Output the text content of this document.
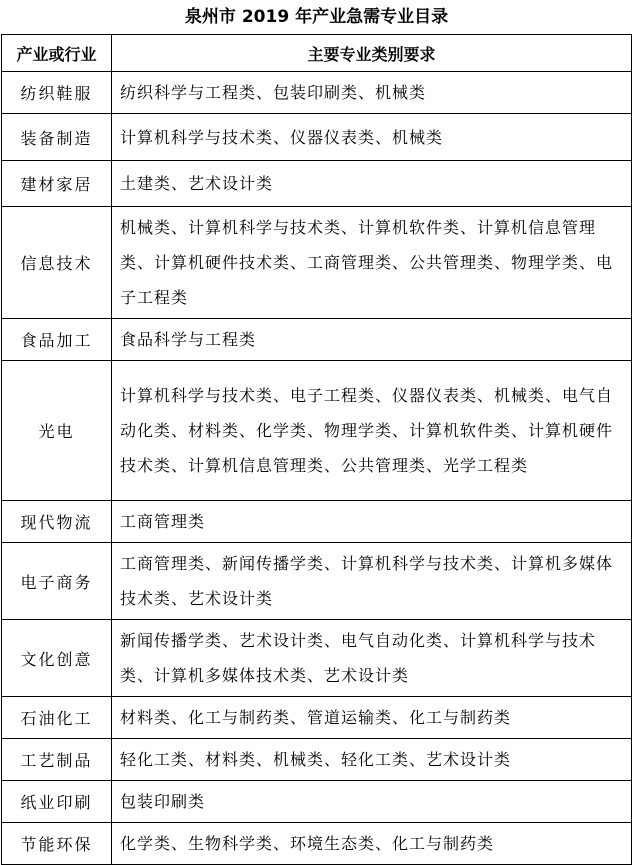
泉州市 2019 年产业急需专业目录
产业或行业	主要专业类别要求
纺织鞋服	纺织科学与工程类、包装印刷类、机械类
装备制造	计算机科学与技术类、仪器仪表类、机械类
建材家居	土建类、艺术设计类
信息技术	机械类、计算机科学与技术类、计算机软件类、计算机信息管理类、计算机硬件技术类、工商管理类、公共管理类、物理学类、电子工程类
食品加工	食品科学与工程类
光电	计算机科学与技术类、电子工程类、仪器仪表类、机械类、电气自动化类、材料类、化学类、物理学类、计算机软件类、计算机硬件技术类、计算机信息管理类、公共管理类、光学工程类
现代物流	工商管理类
电子商务	工商管理类、新闻传播学类、计算机科学与技术类、计算机多媒体技术类、艺术设计类
文化创意	新闻传播学类、艺术设计类、电气自动化类、计算机科学与技术类、计算机多媒体技术类、艺术设计类
石油化工	材料类、化工与制药类、管道运输类、化工与制药类
工艺制品	轻化工类、材料类、机械类、轻化工类、艺术设计类
纸业印刷	包装印刷类
节能环保	化学类、生物科学类、环境生态类、化工与制药类
